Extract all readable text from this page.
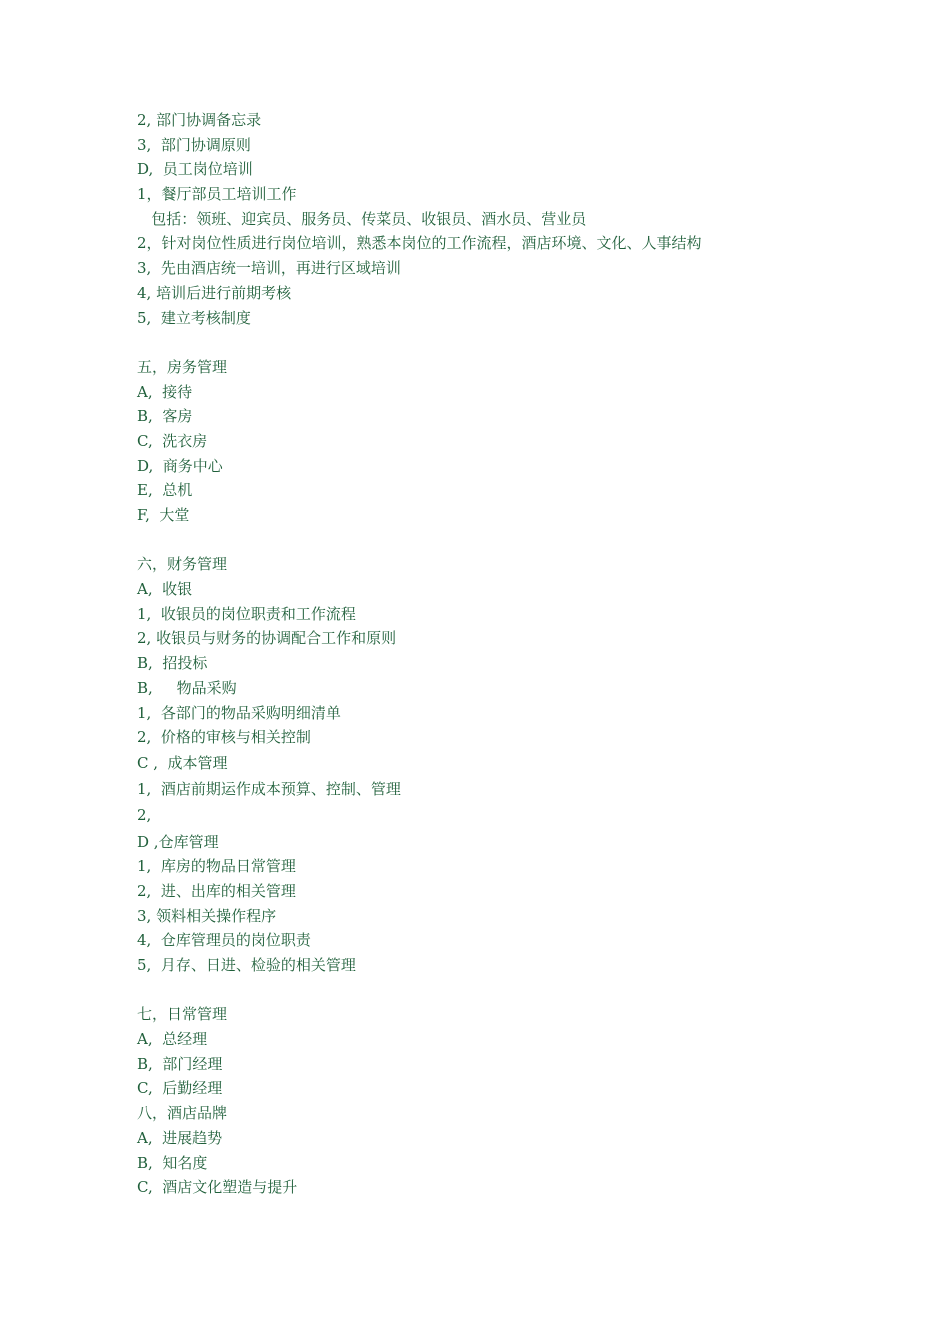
2, 部门协调备忘录
3,  部门协调原则
D,  员工岗位培训
1，餐厅部员工培训工作
包括：领班、迎宾员、服务员、传菜员、收银员、酒水员、营业员
2，针对岗位性质进行岗位培训，熟悉本岗位的工作流程，酒店环境、文化、人事结构
3,  先由酒店统一培训，再进行区域培训
4, 培训后进行前期考核
5,  建立考核制度
五，房务管理
A,  接待
B,  客房
C,  洗衣房
D,  商务中心
E,  总机
F,  大堂
六，财务管理
A,  收银
1,  收银员的岗位职责和工作流程
2, 收银员与财务的协调配合工作和原则
B,  招投标
B,     物品采购
1,  各部门的物品采购明细清单
2,  价格的审核与相关控制
C ,  成本管理
1,  酒店前期运作成本预算、控制、管理
2,
D ,仓库管理
1,  库房的物品日常管理
2,  进、出库的相关管理
3, 领料相关操作程序
4,  仓库管理员的岗位职责
5,  月存、日进、检验的相关管理
七，日常管理
A,  总经理
B,  部门经理
C,  后勤经理
八，酒店品牌
A,  进展趋势
B,  知名度
C,  酒店文化塑造与提升
